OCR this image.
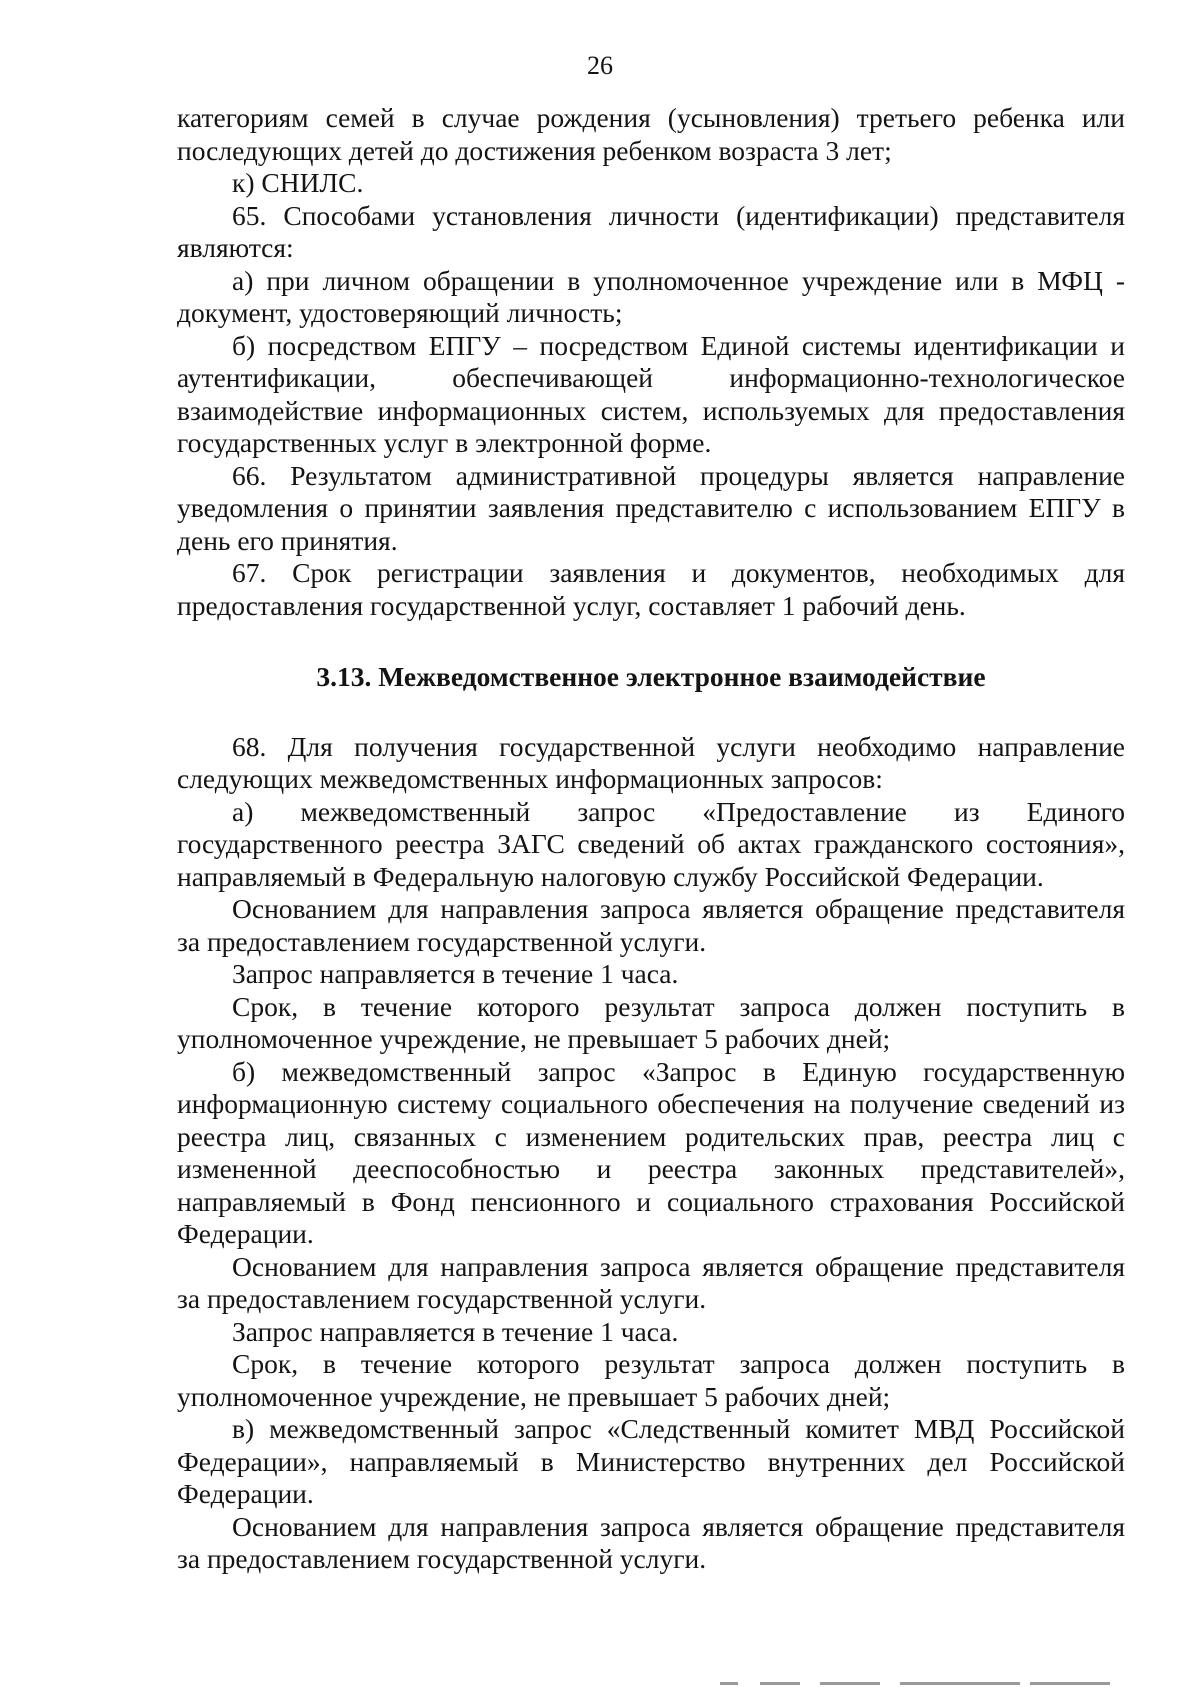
26

категориям семей в случае рождения (усыновления) третьего ребенка или последующих детей до достижения ребенком возраста 3 лет;

к) СНИЛС.

65. Способами установления личности (идентификации) представителя являются:

а) при личном обращении в уполномоченное учреждение или в МФЦ - документ, удостоверяющий личность;

б) посредством ЕПГУ – посредством Единой системы идентификации и аутентификации, обеспечивающей информационно-технологическое взаимодействие информационных систем, используемых для предоставления государственных услуг в электронной форме.

66. Результатом административной процедуры является направление уведомления о принятии заявления представителю с использованием ЕПГУ в день его принятия.

67. Срок регистрации заявления и документов, необходимых для предоставления государственной услуг, составляет 1 рабочий день.

3.13. Межведомственное электронное взаимодействие

68. Для получения государственной услуги необходимо направление следующих межведомственных информационных запросов:

а) межведомственный запрос «Предоставление из Единого государственного реестра ЗАГС сведений об актах гражданского состояния», направляемый в Федеральную налоговую службу Российской Федерации.

Основанием для направления запроса является обращение представителя за предоставлением государственной услуги.

Запрос направляется в течение 1 часа.

Срок, в течение которого результат запроса должен поступить в уполномоченное учреждение, не превышает 5 рабочих дней;

б) межведомственный запрос «Запрос в Единую государственную информационную систему социального обеспечения на получение сведений из реестра лиц, связанных с изменением родительских прав, реестра лиц с измененной дееспособностью и реестра законных представителей», направляемый в Фонд пенсионного и социального страхования Российской Федерации.

Основанием для направления запроса является обращение представителя за предоставлением государственной услуги.

Запрос направляется в течение 1 часа.

Срок, в течение которого результат запроса должен поступить в уполномоченное учреждение, не превышает 5 рабочих дней;

в) межведомственный запрос «Следственный комитет МВД Российской Федерации», направляемый в Министерство внутренних дел Российской Федерации.

Основанием для направления запроса является обращение представителя за предоставлением государственной услуги.
